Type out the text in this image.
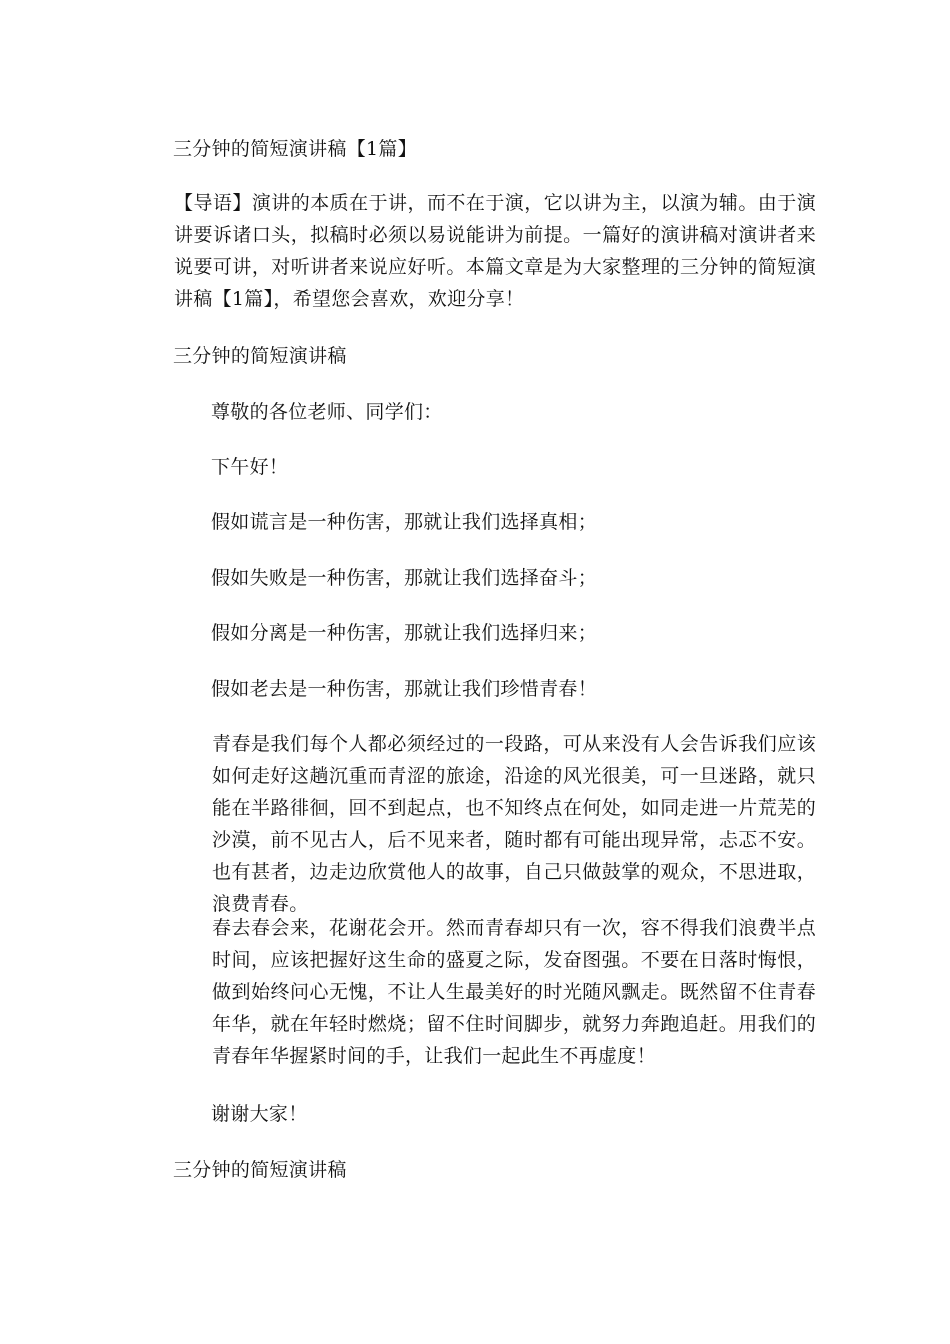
三分钟的简短演讲稿【1篇】
【导语】演讲的本质在于讲，而不在于演，它以讲为主，以演为辅。由于演讲要诉诸口头，拟稿时必须以易说能讲为前提。一篇好的演讲稿对演讲者来说要可讲，对听讲者来说应好听。本篇文章是为大家整理的三分钟的简短演讲稿【1篇】，希望您会喜欢，欢迎分享！
三分钟的简短演讲稿
尊敬的各位老师、同学们：
下午好！
假如谎言是一种伤害，那就让我们选择真相；
假如失败是一种伤害，那就让我们选择奋斗；
假如分离是一种伤害，那就让我们选择归来；
假如老去是一种伤害，那就让我们珍惜青春！
青春是我们每个人都必须经过的一段路，可从来没有人会告诉我们应该如何走好这趟沉重而青涩的旅途，沿途的风光很美，可一旦迷路，就只能在半路徘徊，回不到起点，也不知终点在何处，如同走进一片荒芜的沙漠，前不见古人，后不见来者，随时都有可能出现异常，忐忑不安。也有甚者，边走边欣赏他人的故事，自己只做鼓掌的观众，不思进取，浪费青春。
春去春会来，花谢花会开。然而青春却只有一次，容不得我们浪费半点时间，应该把握好这生命的盛夏之际，发奋图强。不要在日落时悔恨，做到始终问心无愧，不让人生最美好的时光随风飘走。既然留不住青春年华，就在年轻时燃烧；留不住时间脚步，就努力奔跑追赶。用我们的青春年华握紧时间的手，让我们一起此生不再虚度！
谢谢大家！
三分钟的简短演讲稿
